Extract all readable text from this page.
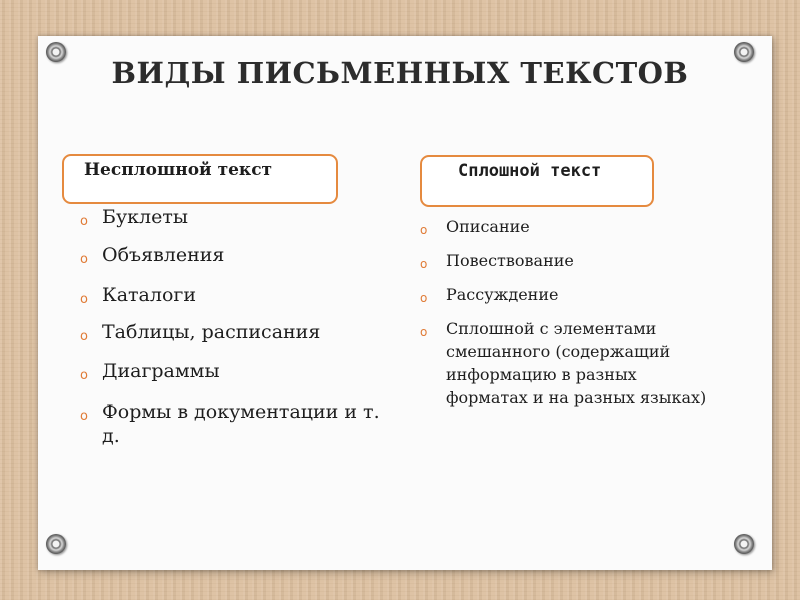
ВИДЫ ПИСЬМЕННЫХ ТЕКСТОВ
Несплошной текст	Сплошной текст
o Буклеты
o Объявления
o Каталоги
o Таблицы, расписания
o Диаграммы
o Формы в документации и т. д.
o Описание
o Повествование
o Рассуждение
o Сплошной с элементами смешанного (содержащий информацию в разных форматах и на разных языках)
